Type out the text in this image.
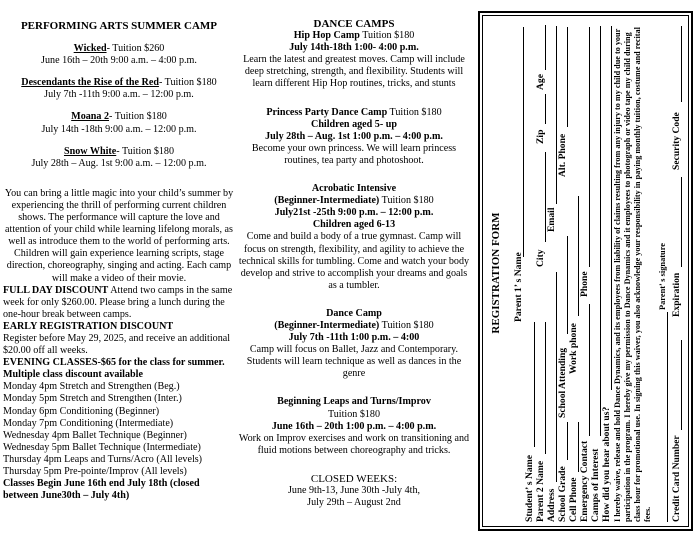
PERFORMING ARTS SUMMER CAMP
Wicked- Tuition $260
June 16th – 20th 9:00 a.m. – 4:00 p.m.
Descendants the Rise of the Red- Tuition $180
July 7th -11th 9:00 a.m. – 12:00 p.m.
Moana 2- Tuition $180
July 14th -18th 9:00 a.m. – 12:00 p.m.
Snow White- Tuition $180
July 28th – Aug. 1st 9:00 a.m. – 12:00 p.m.
You can bring a little magic into your child’s summer by experiencing the thrill of performing current children shows. The performance will capture the love and attention of your child while learning lifelong morals, as well as introduce them to the world of performing arts. Children will gain experience learning scripts, stage direction, choreography, singing and acting. Each camp will make a video of their movie.
FULL DAY DISCOUNT Attend two camps in the same week for only $260.00. Please bring a lunch during the one-hour break between camps.
EARLY REGISTRATION DISCOUNT
Register before May 29, 2025, and receive an additional $20.00 off all weeks.
EVENING CLASSES-$65 for the class for summer. Multiple class discount available
Monday 4pm Stretch and Strengthen (Beg.)
Monday 5pm Stretch and Strengthen (Inter.)
Monday 6pm Conditioning (Beginner)
Monday 7pm Conditioning (Intermediate)
Wednesday 4pm Ballet Technique (Beginner)
Wednesday 5pm Ballet Technique (Intermediate)
Thursday 4pm Leaps and Turns/Acro (All levels)
Thursday 5pm Pre-pointe/Improv (All levels)
Classes Begin June 16th end July 18th (closed between June30th – July 4th)
DANCE CAMPS

Hip Hop Camp Tuition $180

July 14th-18th 1:00- 4:00 p.m.

Learn the latest and greatest moves. Camp will include deep stretching, strength, and flexibility. Students will learn different Hip Hop routines, tricks, and stunts

Princess Party Dance Camp Tuition $180

Children aged 5- up

July 28th – Aug. 1st 1:00 p.m. – 4:00 p.m.

Become your own princess. We will learn princess routines, tea party and photoshoot.

Acrobatic Intensive

(Beginner-Intermediate) Tuition $180

July21st -25th 9:00 p.m. – 12:00 p.m.

Children aged 6-13

Come and build a body of a true gymnast. Camp will focus on strength, flexibility, and agility to achieve the technical skills for tumbling. Come and watch your body develop and strive to accomplish your dreams and goals as a tumbler.

Dance Camp

(Beginner-Intermediate) Tuition $180

July 7th -11th 1:00 p.m. – 4:00

Camp will focus on Ballet, Jazz and Contemporary. Students will learn technique as well as dances in the genre

Beginning Leaps and Turns/Improv

Tuition $180

June 16th – 20th 1:00 p.m. – 4:00 p.m.

Work on Improv exercises and work on transitioning and fluid motions between choreography and tricks.

CLOSED WEEKS:

June 9th-13, June 30th -July 4th,

July 29th – August 2nd

REGISTRATION FORM Parent 1’ s Name
Student’ s Name Parent 2 Name
City
Zip
Age
Address
Email
School Grade
School Attending
Alt. Phone
Cell Phone
Work phone
Emergency Contact
Phone
Camps of Interest How did you hear about us? I hereby waive, release and hold Dance Dynamics, and its employees from liability of claims resulting from any injury to my child due to your participation in the program. I hereby give my permission to Dance Dynamics and it employees to photograph or video tape my child during class hour for promotional use. In signing this waiver, you also acknowledge your responsibility in paying monthly tuition, costume and recital fees.
Parent’ s signature
Credit Card Number
Expiration
Security Code
